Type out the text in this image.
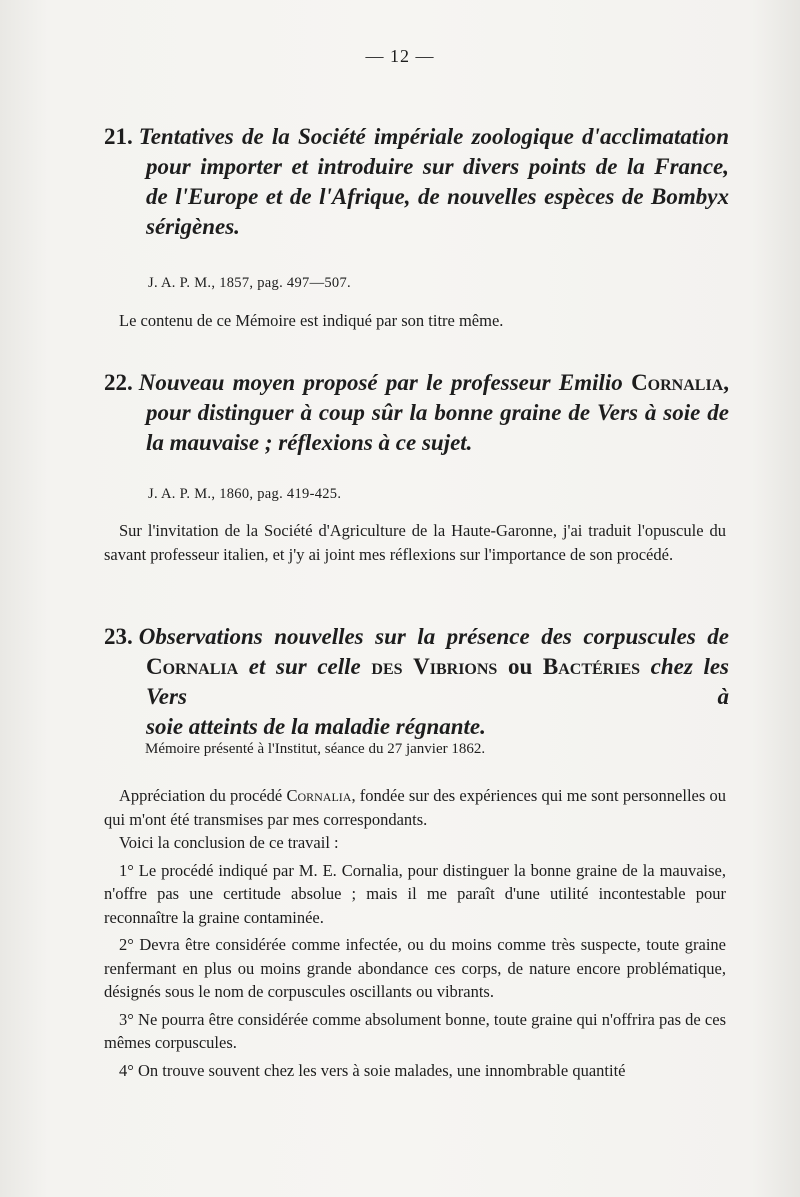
— 12 —
21. Tentatives de la Société impériale zoologique d'acclimatation
pour importer et introduire sur divers points de la France,
de l'Europe et de l'Afrique, de nouvelles espèces de Bombyx
sérigènes.
J. A. P. M., 1857, pag. 497—507.

Le contenu de ce Mémoire est indiqué par son titre même.

22. Nouveau moyen proposé par le professeur Emilio Cornalia,
pour distinguer à coup sûr la bonne graine de Vers à soie de
la mauvaise ; réflexions à ce sujet.
J. A. P. M., 1860, pag. 419-425.

Sur l'invitation de la Société d'Agriculture de la Haute-Garonne, j'ai traduit l'opuscule du savant professeur italien, et j'y ai joint mes réflexions sur l'importance de son procédé.

23. Observations nouvelles sur la présence des corpuscules de
Cornalia et sur celle des Vibrions ou Bactéries chez les Vers à
soie atteints de la maladie régnante.
Mémoire présenté à l'Institut, séance du 27 janvier 1862.

Appréciation du procédé Cornalia, fondée sur des expériences qui me sont personnelles ou qui m'ont été transmises par mes correspondants.

Voici la conclusion de ce travail :

1° Le procédé indiqué par M. E. Cornalia, pour distinguer la bonne graine de la mauvaise, n'offre pas une certitude absolue ; mais il me paraît d'une utilité incontestable pour reconnaître la graine contaminée.

2° Devra être considérée comme infectée, ou du moins comme très suspecte, toute graine renfermant en plus ou moins grande abondance ces corps, de nature encore problématique, désignés sous le nom de corpuscules oscillants ou vibrants.

3° Ne pourra être considérée comme absolument bonne, toute graine qui n'offrira pas de ces mêmes corpuscules.

4° On trouve souvent chez les vers à soie malades, une innombrable quantité
